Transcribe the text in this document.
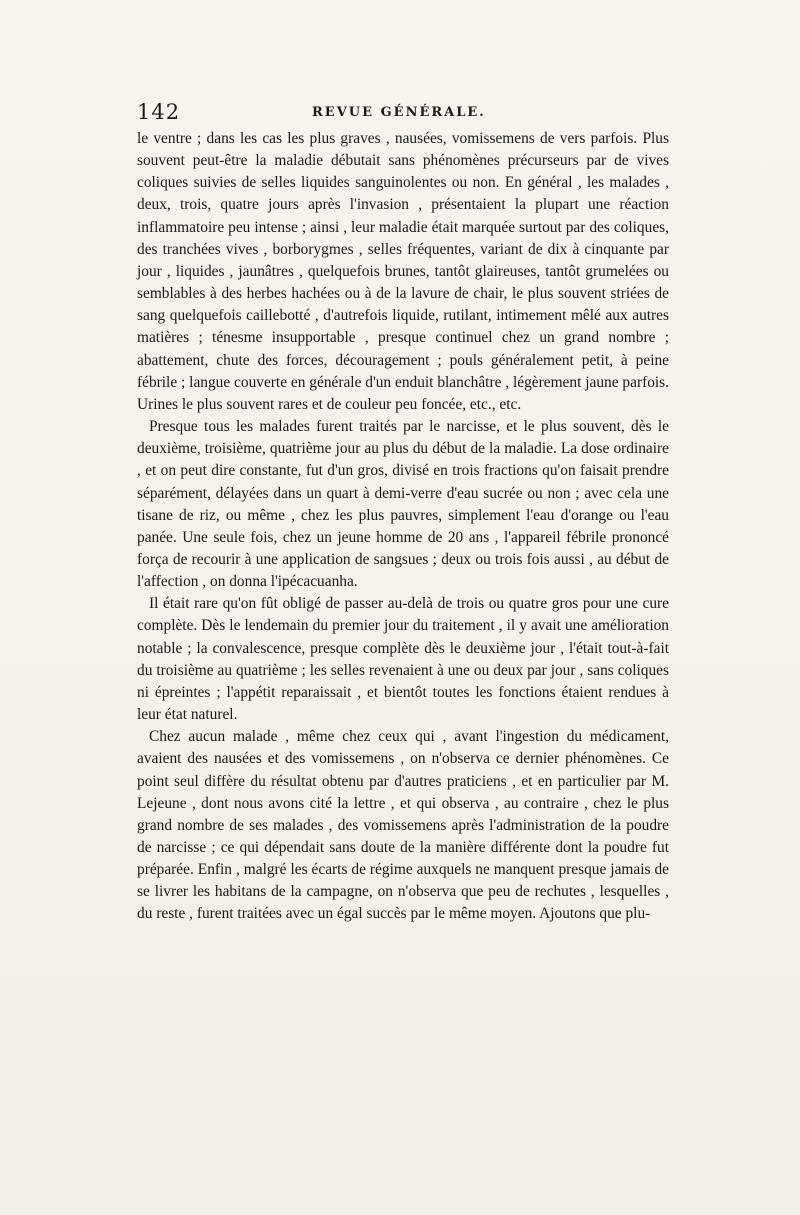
142	REVUE GÉNÉRALE.

le ventre ; dans les cas les plus graves , nausées, vomissemens de vers parfois. Plus souvent peut-être la maladie débutait sans phénomènes précurseurs par de vives coliques suivies de selles liquides sanguinolentes ou non. En général , les malades , deux, trois, quatre jours après l'invasion , présentaient la plupart une réaction inflammatoire peu intense ; ainsi , leur maladie était marquée surtout par des coliques, des tranchées vives , borborygmes , selles fréquentes, variant de dix à cinquante par jour , liquides , jaunâtres , quelquefois brunes, tantôt glaireuses, tantôt grumelées ou semblables à des herbes hachées ou à de la lavure de chair, le plus souvent striées de sang quelquefois caillebotté , d'autrefois liquide, rutilant, intimement mêlé aux autres matières ; ténesme insupportable , presque continuel chez un grand nombre ; abattement, chute des forces, découragement ; pouls généralement petit, à peine fébrile ; langue couverte en générale d'un enduit blanchâtre , légèrement jaune parfois. Urines le plus souvent rares et de couleur peu foncée, etc., etc.

Presque tous les malades furent traités par le narcisse, et le plus souvent, dès le deuxième, troisième, quatrième jour au plus du début de la maladie. La dose ordinaire , et on peut dire constante, fut d'un gros, divisé en trois fractions qu'on faisait prendre séparément, délayées dans un quart à demi-verre d'eau sucrée ou non ; avec cela une tisane de riz, ou même , chez les plus pauvres, simplement l'eau d'orange ou l'eau panée. Une seule fois, chez un jeune homme de 20 ans , l'appareil fébrile prononcé força de recourir à une application de sangsues ; deux ou trois fois aussi , au début de l'affection , on donna l'ipécacuanha.

Il était rare qu'on fût obligé de passer au-delà de trois ou quatre gros pour une cure complète. Dès le lendemain du premier jour du traitement , il y avait une amélioration notable ; la convalescence, presque complète dès le deuxième jour , l'était tout-à-fait du troisième au quatrième ; les selles revenaient à une ou deux par jour , sans coliques ni épreintes ; l'appétit reparaissait , et bientôt toutes les fonctions étaient rendues à leur état naturel.

Chez aucun malade , même chez ceux qui , avant l'ingestion du médicament, avaient des nausées et des vomissemens , on n'observa ce dernier phénomènes. Ce point seul diffère du résultat obtenu par d'autres praticiens , et en particulier par M. Lejeune , dont nous avons cité la lettre , et qui observa , au contraire , chez le plus grand nombre de ses malades , des vomissemens après l'administration de la poudre de narcisse ; ce qui dépendait sans doute de la manière différente dont la poudre fut préparée. Enfin , malgré les écarts de régime auxquels ne manquent presque jamais de se livrer les habitans de la campagne, on n'observa que peu de rechutes , lesquelles , du reste , furent traitées avec un égal succès par le même moyen. Ajoutons que plu-
